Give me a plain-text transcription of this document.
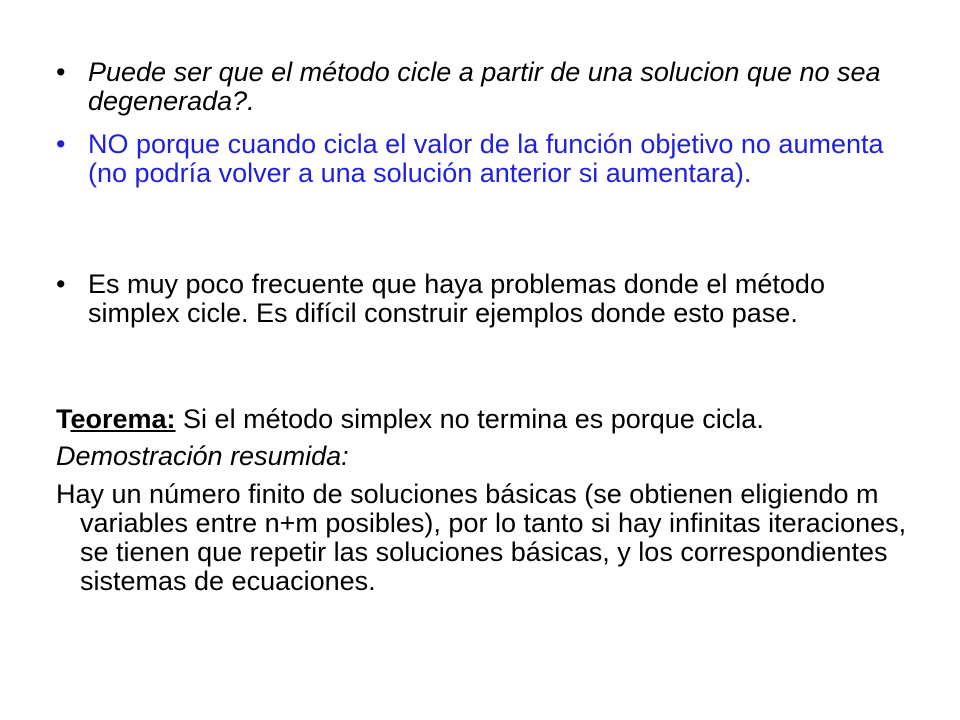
• Puede ser que el método cicle a partir de una solucion que no sea degenerada?.
• NO porque cuando cicla el valor de la función objetivo no aumenta (no podría volver a una solución anterior si aumentara).
• Es muy poco frecuente que haya problemas donde el método simplex cicle. Es difícil construir ejemplos donde esto pase.
Teorema: Si el método simplex no termina es porque cicla.
Demostración resumida:
Hay un número finito de soluciones básicas (se obtienen eligiendo m variables entre n+m posibles), por lo tanto si hay infinitas iteraciones, se tienen que repetir las soluciones básicas, y los correspondientes sistemas de ecuaciones.
